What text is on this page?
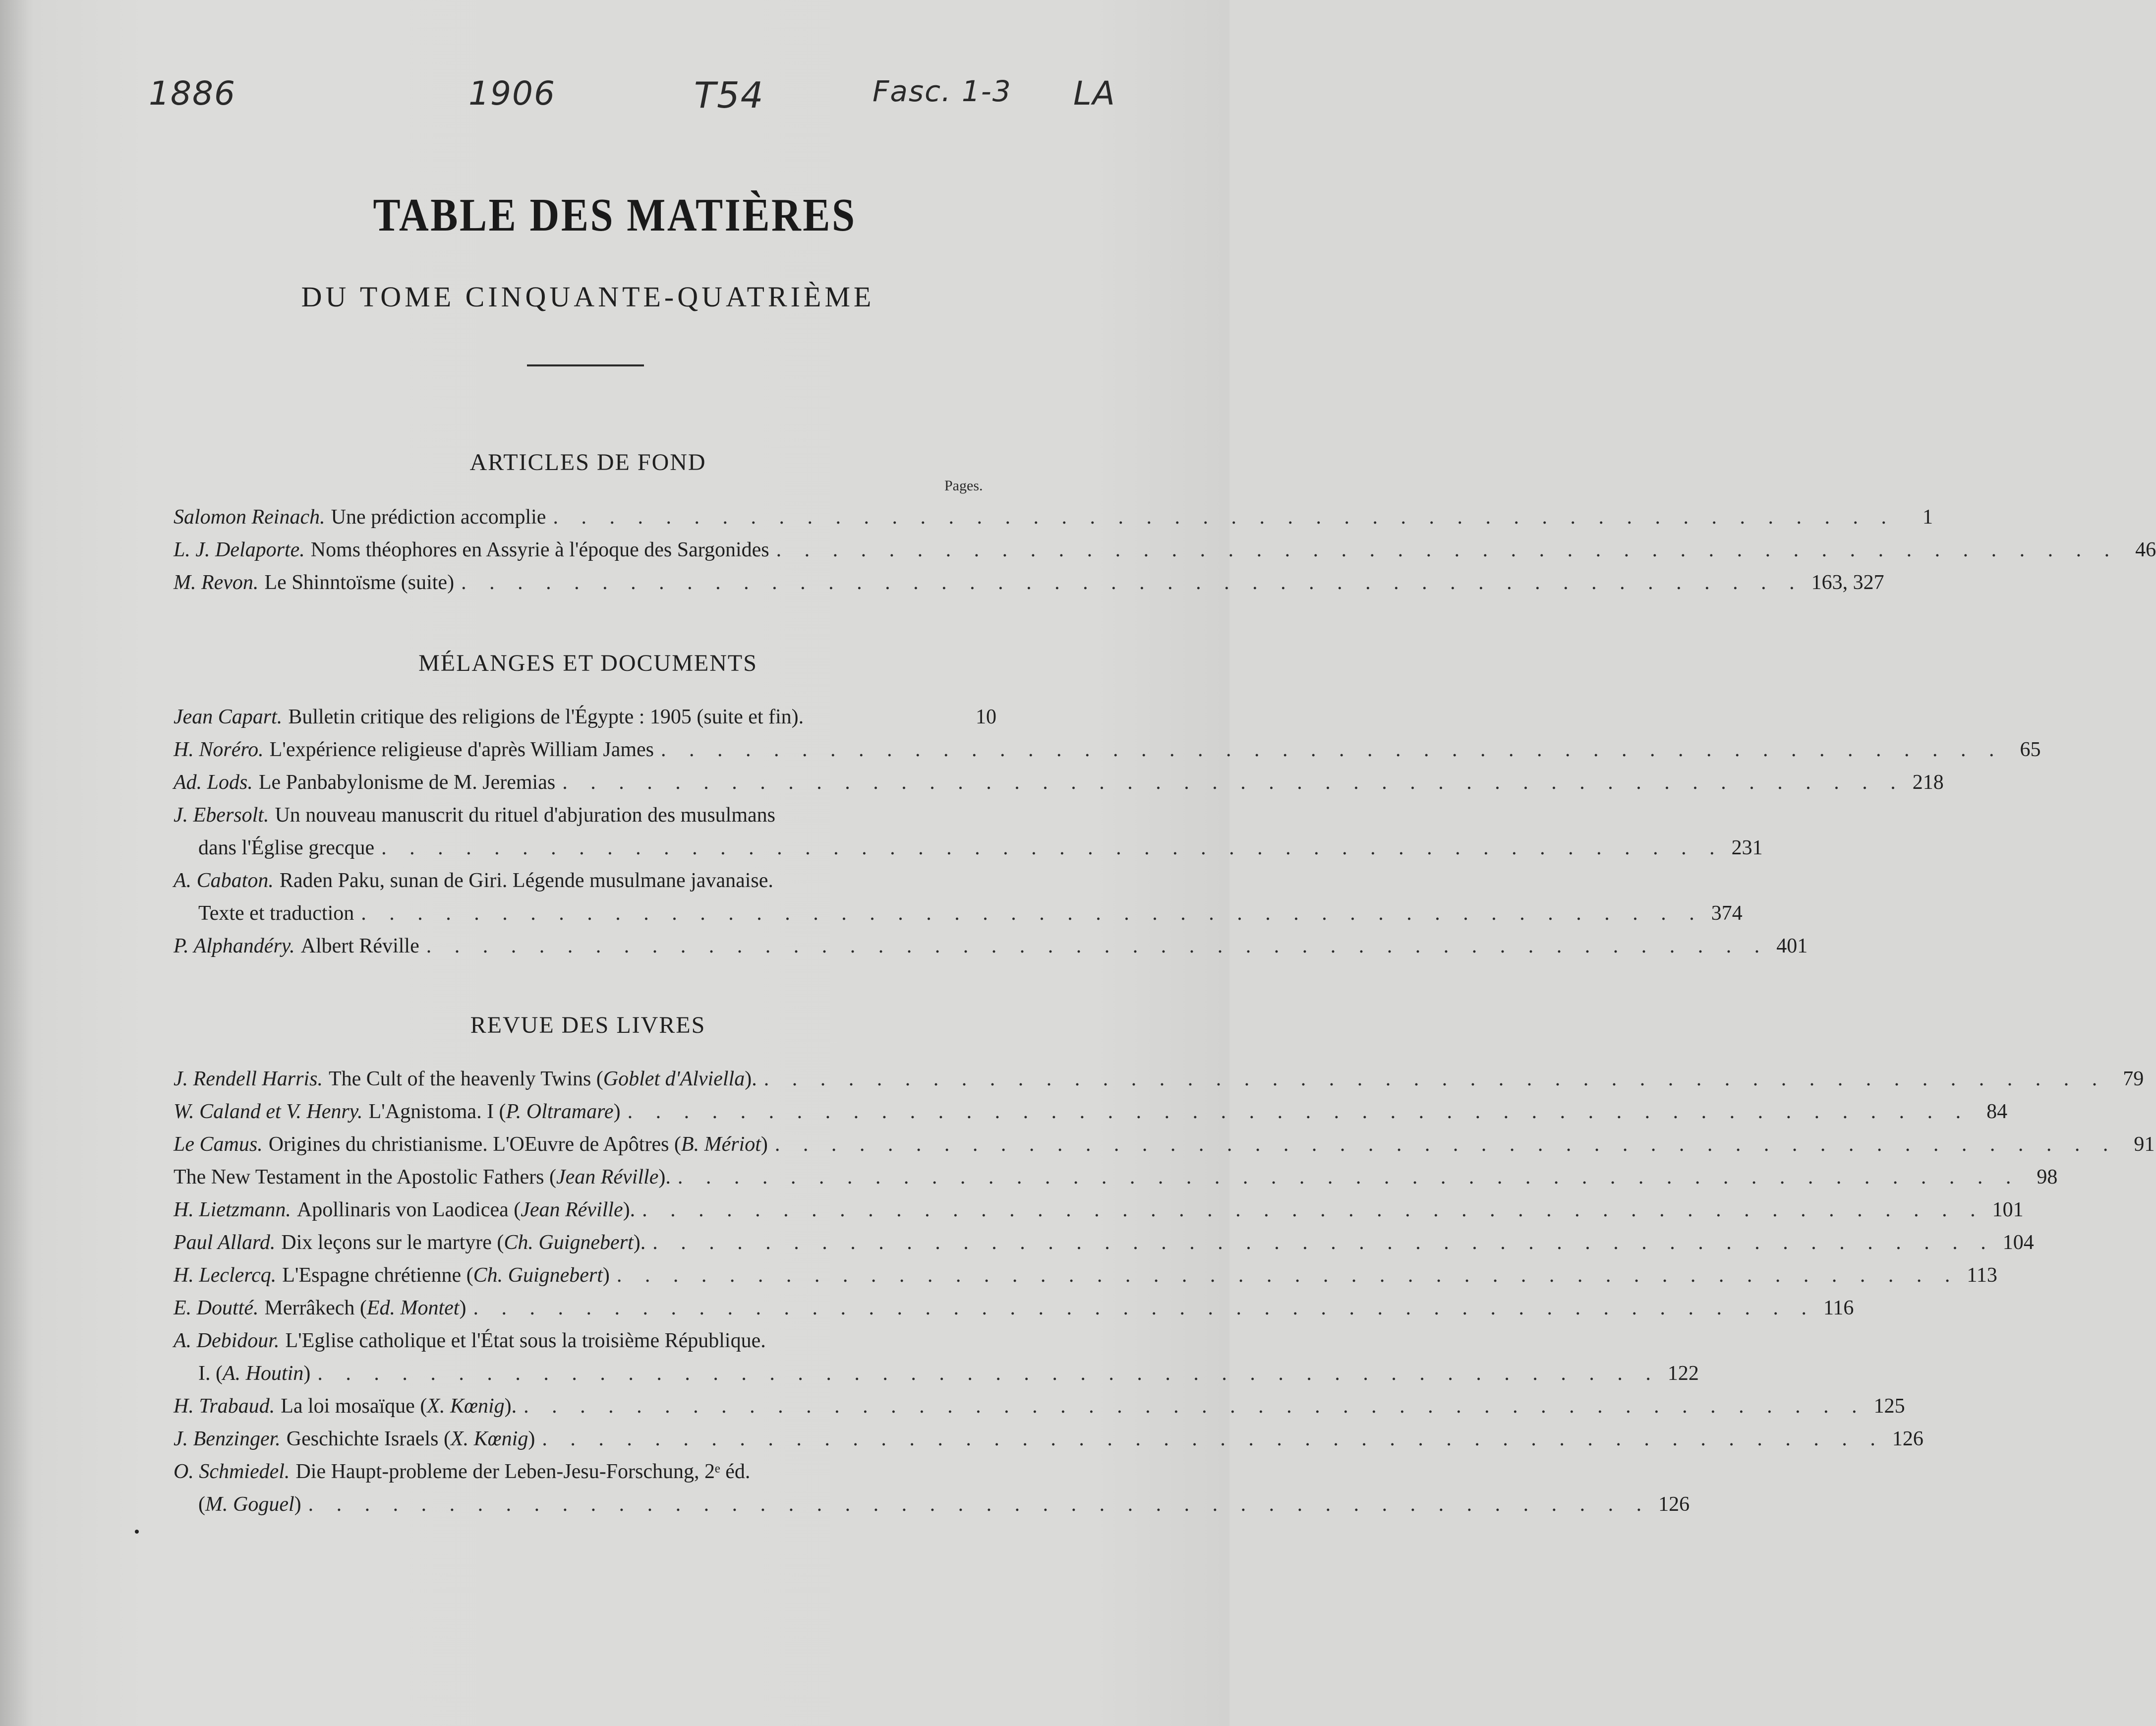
1886	1906	T54	Fasc. 1-3 LA
TABLE DES MATIÈRES
DU TOME CINQUANTE-QUATRIÈME
ARTICLES DE FOND
Pages.
Salomon Reinach. Une prédiction accomplie . . . . . . . . . . . . . . . . . . . . . . . . . . . . . . . . . . . . . . . . . . . . . . . .	1
L. J. Delaporte. Noms théophores en Assyrie à l'époque des Sargonides . . . . . . . . . . . . . . . . . . . . . . . . . . . . . . . . . . . . . . . . . . . . . . . . 46
M. Revon. Le Shinntoïsme (suite) . . . . . . . . . . . . . . . . . . . . . . . . . . . . . . . . . . . . . . . . . . . . . . . . 163, 327
MÉLANGES ET DOCUMENTS
Jean Capart. Bulletin critique des religions de l'Égypte : 1905 (suite et fin).	10
H. Noréro. L'expérience religieuse d'après William James . . . . . . . . . . . . . . . . . . . . . . . . . . . . . . . . . . . . . . . . . . . . . . . . 65
Ad. Lods. Le Panbabylonisme de M. Jeremias . . . . . . . . . . . . . . . . . . . . . . . . . . . . . . . . . . . . . . . . . . . . . . . . 218
J. Ebersolt. Un nouveau manuscrit du rituel d'abjuration des musulmans
dans l'Église grecque . . . . . . . . . . . . . . . . . . . . . . . . . . . . . . . . . . . . . . . . . . . . . . . . 231
A. Cabaton. Raden Paku, sunan de Giri. Légende musulmane javanaise.
Texte et traduction . . . . . . . . . . . . . . . . . . . . . . . . . . . . . . . . . . . . . . . . . . . . . . . . 374
P. Alphandéry. Albert Réville . . . . . . . . . . . . . . . . . . . . . . . . . . . . . . . . . . . . . . . . . . . . . . . . 401
REVUE DES LIVRES
J. Rendell Harris. The Cult of the heavenly Twins (Goblet d'Alviella). . . . . . . . . . . . . . . . . . . . . . . . . . . . . . . . . . . . . . . . . . . . . . . . . 79
W. Caland et V. Henry. L'Agnistoma. I (P. Oltramare) . . . . . . . . . . . . . . . . . . . . . . . . . . . . . . . . . . . . . . . . . . . . . . . . 84
Le Camus. Origines du christianisme. L'OEuvre de Apôtres (B. Mériot) . . . . . . . . . . . . . . . . . . . . . . . . . . . . . . . . . . . . . . . . . . . . . . . . 91
The New Testament in the Apostolic Fathers (Jean Réville). . . . . . . . . . . . . . . . . . . . . . . . . . . . . . . . . . . . . . . . . . . . . . . . . 98
H. Lietzmann. Apollinaris von Laodicea (Jean Réville). . . . . . . . . . . . . . . . . . . . . . . . . . . . . . . . . . . . . . . . . . . . . . . . . 101
Paul Allard. Dix leçons sur le martyre (Ch. Guignebert). . . . . . . . . . . . . . . . . . . . . . . . . . . . . . . . . . . . . . . . . . . . . . . . . 104
H. Leclercq. L'Espagne chrétienne (Ch. Guignebert) . . . . . . . . . . . . . . . . . . . . . . . . . . . . . . . . . . . . . . . . . . . . . . . . 113
E. Doutté. Merrâkech (Ed. Montet) . . . . . . . . . . . . . . . . . . . . . . . . . . . . . . . . . . . . . . . . . . . . . . . . 116
A. Debidour. L'Eglise catholique et l'État sous la troisième République.
I. (A. Houtin) . . . . . . . . . . . . . . . . . . . . . . . . . . . . . . . . . . . . . . . . . . . . . . . . 122
H. Trabaud. La loi mosaïque (X. Kœnig). . . . . . . . . . . . . . . . . . . . . . . . . . . . . . . . . . . . . . . . . . . . . . . . . 125
J. Benzinger. Geschichte Israels (X. Kœnig) . . . . . . . . . . . . . . . . . . . . . . . . . . . . . . . . . . . . . . . . . . . . . . . . 126
O. Schmiedel. Die Haupt-probleme der Leben-Jesu-Forschung, 2ᵉ éd.
(M. Goguel) . . . . . . . . . . . . . . . . . . . . . . . . . . . . . . . . . . . . . . . . . . . . . . . . 126
